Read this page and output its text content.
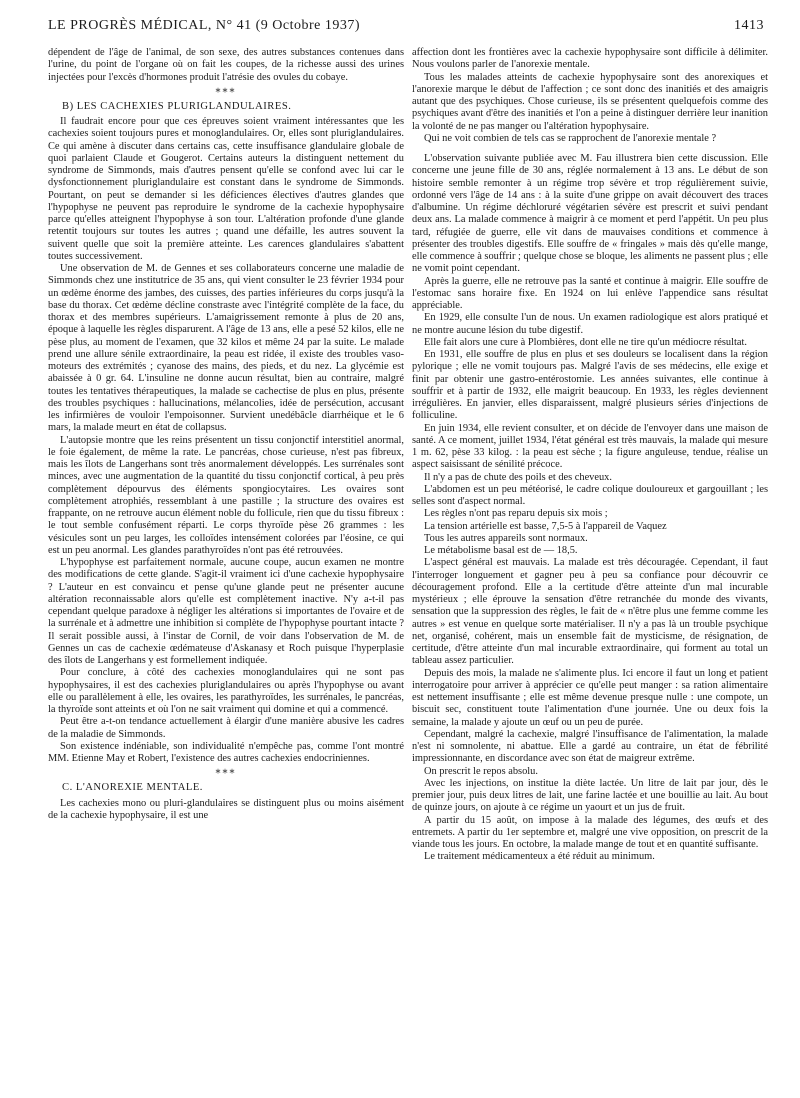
LE PROGRÈS MÉDICAL, N° 41 (9 Octobre 1937)	1413

dépendent de l'âge de l'animal, de son sexe, des autres substances contenues dans l'urine, du point de l'organe où on fait les coupes, de la richesse aussi des urines injectées pour l'excès d'hormones produit l'atrésie des ovules du cobaye.

⁎⁎⁎
B) LES CACHEXIES PLURIGLANDULAIRES.

Il faudrait encore pour que ces épreuves soient vraiment intéressantes que les cachexies soient toujours pures et monoglandulaires. Or, elles sont pluriglandulaires. Ce qui amène à discuter dans certains cas, cette insuffisance glandulaire globale de quoi parlaient Claude et Gougerot. Certains auteurs la distinguent nettement du syndrome de Simmonds, mais d'autres pensent qu'elle se confond avec lui car le dysfonctionnement pluriglandulaire est constant dans le syndrome de Simmonds. Pourtant, on peut se demander si les déficiences électives d'autres glandes que l'hypophyse ne peuvent pas reproduire le syndrome de la cachexie hypophysaire parce qu'elles atteignent l'hypophyse à son tour. L'altération profonde d'une glande retentit toujours sur toutes les autres ; quand une défaille, les autres souvent la suivent quelle que soit la première atteinte. Les carences glandulaires s'abattent toutes successivement.

Une observation de M. de Gennes et ses collaborateurs concerne une maladie de Simmonds chez une institutrice de 35 ans, qui vient consulter le 23 février 1934 pour un œdème énorme des jambes, des cuisses, des parties inférieures du corps jusqu'à la base du thorax. Cet œdème décline constraste avec l'intégrité complète de la face, du thorax et des membres supérieurs. L'amaigrissement remonte à plus de 20 ans, époque à laquelle les règles disparurent. A l'âge de 13 ans, elle a pesé 52 kilos, elle ne pèse plus, au moment de l'examen, que 32 kilos et même 24 par la suite. Le malade prend une allure sénile extraordinaire, la peau est ridée, il existe des troubles vaso-moteurs des extrémités ; cyanose des mains, des pieds, et du nez. La glycémie est abaissée à 0 gr. 64. L'insuline ne donne aucun résultat, bien au contraire, malgré toutes les tentatives thérapeutiques, la malade se cachectise de plus en plus, présente des troubles psychiques : hallucinations, mélancolies, idée de persécution, accusant les infirmières de vouloir l'empoisonner. Survient unedébâcle diarrhéique et le 6 mars, la malade meurt en état de collapsus.

L'autopsie montre que les reins présentent un tissu conjonctif interstitiel anormal, le foie également, de même la rate. Le pancréas, chose curieuse, n'est pas fibreux, mais les îlots de Langerhans sont très anormalement développés. Les surrénales sont minces, avec une augmentation de la quantité du tissu conjonctif cortical, à peu près complètement dépourvus des éléments spongiocytaires. Les ovaires sont complètement atrophiés, ressemblant à une pastille ; la structure des ovaires est frappante, on ne retrouve aucun élément noble du follicule, rien que du tissu fibreux : le tout semble confusément réparti. Le corps thyroïde pèse 26 grammes : les vésicules sont un peu larges, les colloïdes intensément colorées par l'éosine, ce qui est un peu anormal. Les glandes parathyroïdes n'ont pas été retrouvées.

L'hypophyse est parfaitement normale, aucune coupe, aucun examen ne montre des modifications de cette glande. S'agit-il vraiment ici d'une cachexie hypophysaire ? L'auteur en est convaincu et pense qu'une glande peut ne présenter aucune altération reconnaissable alors qu'elle est complètement inactive. N'y a-t-il pas cependant quelque paradoxe à négliger les altérations si importantes de l'ovaire et de la surrénale et à admettre une inhibition si complète de l'hypophyse pourtant intacte ? Il serait possible aussi, à l'instar de Cornil, de voir dans l'observation de M. de Gennes un cas de cachexie œdémateuse d'Askanasy et Roch puisque l'hyperplasie des îlots de Langerhans y est formellement indiquée.

Pour conclure, à côté des cachexies monoglandulaires qui ne sont pas hypophysaires, il est des cachexies pluriglandulaires ou après l'hypophyse ou avant elle ou parallèlement à elle, les ovaires, les parathyroïdes, les surrénales, le pancréas, la thyroïde sont atteints et où l'on ne sait vraiment qui domine et qui a commencé.

Peut être a-t-on tendance actuellement à élargir d'une manière abusive les cadres de la maladie de Simmonds.

Son existence indéniable, son individualité n'empêche pas, comme l'ont montré MM. Etienne May et Robert, l'existence des autres cachexies endocriniennes.

⁎⁎⁎
C. L'ANOREXIE MENTALE.

Les cachexies mono ou pluri-glandulaires se distinguent plus ou moins aisément de la cachexie hypophysaire, il est une

affection dont les frontières avec la cachexie hypophysaire sont difficile à délimiter. Nous voulons parler de l'anorexie mentale.

Tous les malades atteints de cachexie hypophysaire sont des anorexiques et l'anorexie marque le début de l'affection ; ce sont donc des inanitiés et des amaigris autant que des psychiques. Chose curieuse, ils se présentent quelquefois comme des psychiques avant d'être des inanitiés et l'on a peine à distinguer derrière leur inanition la volonté de ne pas manger ou l'altération hypophysaire.

Qui ne voit combien de tels cas se rapprochent de l'anorexie mentale ?

L'observation suivante publiée avec M. Fau illustrera bien cette discussion. Elle concerne une jeune fille de 30 ans, réglée normalement à 13 ans. Le début de son histoire semble remonter à un régime trop sévère et trop régulièrement suivie, ordonné vers l'âge de 14 ans : à la suite d'une grippe on avait découvert des traces d'albumine. Un régime déchloruré végétarien sévère est prescrit et suivi pendant deux ans. La malade commence à maigrir à ce moment et perd l'appétit. Un peu plus tard, réfugiée de guerre, elle vit dans de mauvaises conditions et commence à présenter des troubles digestifs. Elle souffre de « fringales » mais dès qu'elle mange, elle commence à souffrir ; quelque chose se bloque, les aliments ne passent plus ; elle ne vomit point cependant.

Après la guerre, elle ne retrouve pas la santé et continue à maigrir. Elle souffre de l'estomac sans horaire fixe. En 1924 on lui enlève l'appendice sans résultat appréciable.

En 1929, elle consulte l'un de nous. Un examen radiologique est alors pratiqué et ne montre aucune lésion du tube digestif.

Elle fait alors une cure à Plombières, dont elle ne tire qu'un médiocre résultat.

En 1931, elle souffre de plus en plus et ses douleurs se localisent dans la région pylorique ; elle ne vomit toujours pas. Malgré l'avis de ses médecins, elle exige et finit par obtenir une gastro-entérostomie. Les années suivantes, elle continue à souffrir et à partir de 1932, elle maigrit beaucoup. En 1933, les règles deviennent irrégulières. En janvier, elles disparaissent, malgré plusieurs séries d'injections de folliculine.

En juin 1934, elle revient consulter, et on décide de l'envoyer dans une maison de santé. A ce moment, juillet 1934, l'état général est très mauvais, la malade qui mesure 1 m. 62, pèse 33 kilog. : la peau est sèche ; la figure anguleuse, tendue, réalise un aspect saisissant de sénilité précoce.

Il n'y a pas de chute des poils et des cheveux.

L'abdomen est un peu météorisé, le cadre colique douloureux et gargouillant ; les selles sont d'aspect normal.

Les règles n'ont pas reparu depuis six mois ;

La tension artérielle est basse, 7,5-5 à l'appareil de Vaquez

Tous les autres appareils sont normaux.

Le métabolisme basal est de — 18,5.

L'aspect général est mauvais. La malade est très découragée. Cependant, il faut l'interroger longuement et gagner peu à peu sa confiance pour découvrir ce découragement profond. Elle a la certitude d'être atteinte d'un mal incurable mystérieux ; elle éprouve la sensation d'être retranchée du monde des vivants, sensation que la suppression des règles, le fait de « n'être plus une femme comme les autres » est venue en quelque sorte matérialiser. Il n'y a pas là un trouble psychique net, organisé, cohérent, mais un ensemble fait de mysticisme, de résignation, de certitude, d'être atteinte d'un mal incurable extraordinaire, qui forment au total un tableau assez particulier.

Depuis des mois, la malade ne s'alimente plus. Ici encore il faut un long et patient interrogatoire pour arriver à apprécier ce qu'elle peut manger : sa ration alimentaire est nettement insuffisante ; elle est même devenue presque nulle : une compote, un biscuit sec, constituent toute l'alimentation d'une journée. Une ou deux fois la semaine, la malade y ajoute un œuf ou un peu de purée.

Cependant, malgré la cachexie, malgré l'insuffisance de l'alimentation, la malade n'est ni somnolente, ni abattue. Elle a gardé au contraire, un état de fébrilité impressionnante, en discordance avec son état de maigreur extrême.

On prescrit le repos absolu.

Avec les injections, on institue la diète lactée. Un litre de lait par jour, dès le premier jour, puis deux litres de lait, une farine lactée et une bouillie au lait. Au bout de quinze jours, on ajoute à ce régime un yaourt et un jus de fruit.

A partir du 15 août, on impose à la malade des légumes, des œufs et des entremets. A partir du 1er septembre et, malgré une vive opposition, on prescrit de la viande tous les jours. En octobre, la malade mange de tout et en quantité suffisante.

Le traitement médicamenteux a été réduit au minimum.
